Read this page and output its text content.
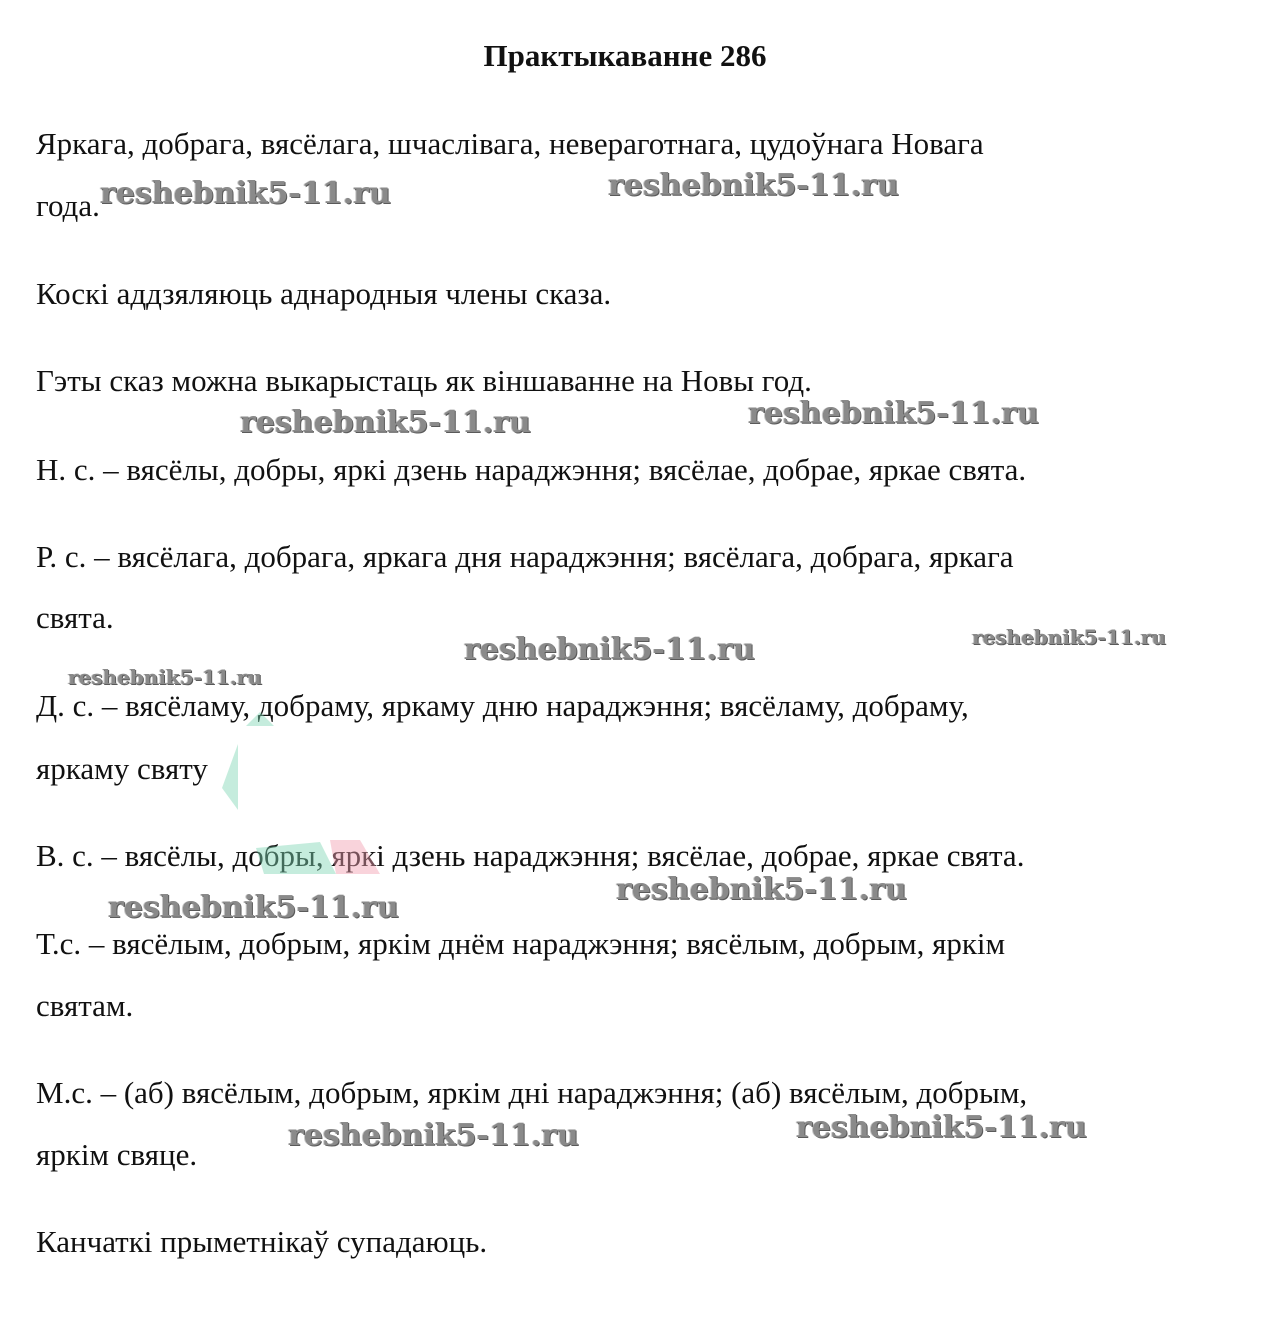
Практыкаванне 286
Яркага, добрага, вясёлага, шчаслівага, невераготнага, цудоўнага Новага
года.
Коскі аддзяляюць аднародныя члены сказа.
Гэты сказ можна выкарыстаць як віншаванне на Новы год.
Н. с. – вясёлы, добры, яркі дзень нараджэння; вясёлае, добрае, яркае свята.
Р. с. – вясёлага, добрага, яркага дня нараджэння; вясёлага, добрага, яркага
свята.
Д. с. – вясёламу, добраму, яркаму дню нараджэння; вясёламу, добраму,
яркаму святу
В. с. – вясёлы, добры, яркі дзень нараджэння; вясёлае, добрае, яркае свята.
Т.с. – вясёлым, добрым, яркім днём нараджэння; вясёлым, добрым, яркім
святам.
М.с. – (аб) вясёлым, добрым, яркім дні нараджэння; (аб) вясёлым, добрым,
яркім свяце.
Канчаткі прыметнікаў супадаюць.
reshebnik5-11.ru	reshebnik5-11.ru
reshebnik5-11.ru	reshebnik5-11.ru
reshebnik5-11.ru	reshebnik5-11.ru
reshebnik5-11.ru
reshebnik5-11.ru
reshebnik5-11.ru
reshebnik5-11.ru	reshebnik5-11.ru
